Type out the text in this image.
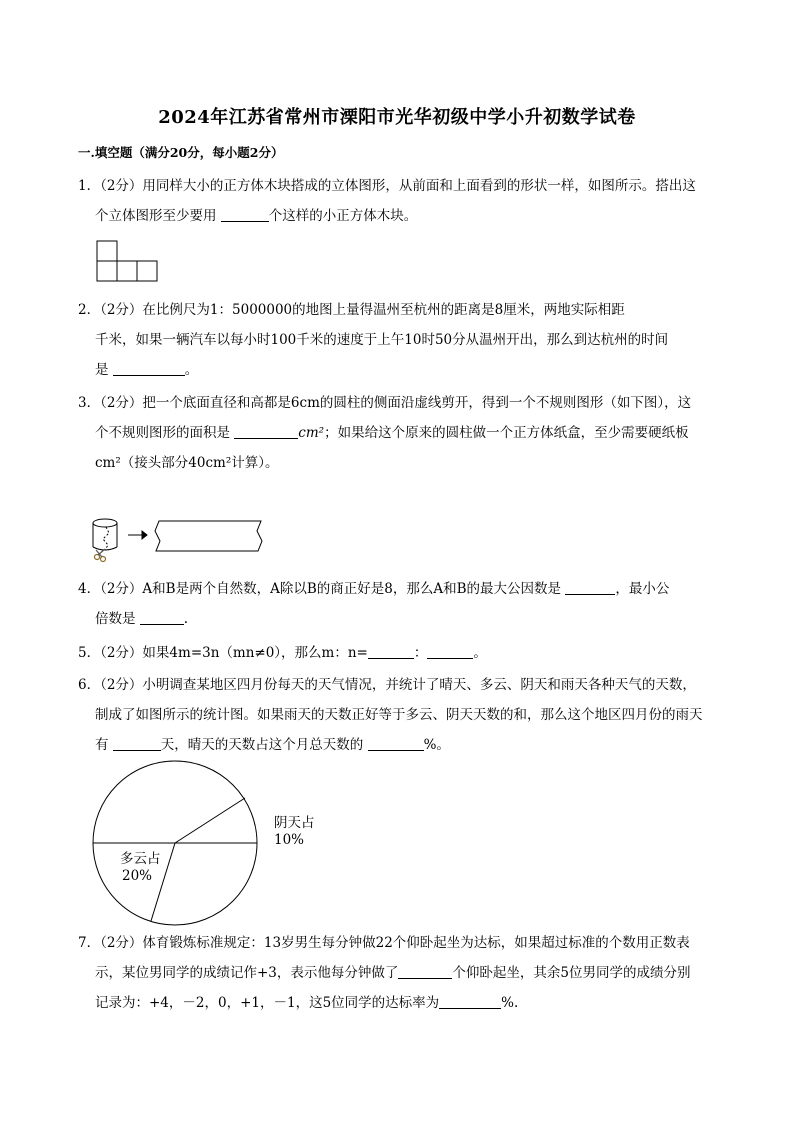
2024年江苏省常州市溧阳市光华初级中学小升初数学试卷
一.填空题（满分20分，每小题2分）
1．（2分）用同样大小的正方体木块搭成的立体图形，从前面和上面看到的形状一样，如图所示。搭出这
个立体图形至少要用	个这样的小正方体木块。
2．（2分）在比例尺为1：5000000的地图上量得温州至杭州的距离是8厘米，两地实际相距
千米，如果一辆汽车以每小时100千米的速度于上午10时50分从温州开出，那么到达杭州的时间
是	。
3．（2分）把一个底面直径和高都是6cm的圆柱的侧面沿虚线剪开，得到一个不规则图形（如下图），这
个不规则图形的面积是	cm²；如果给这个原来的圆柱做一个正方体纸盒，至少需要硬纸板
cm²（接头部分40cm²计算）。
4．（2分）A和B是两个自然数，A除以B的商正好是8，那么A和B的最大公因数是	，最小公
倍数是	.
5．（2分）如果4m=3n（mn≠0），那么m：n=	：	。
6．（2分）小明调查某地区四月份每天的天气情况，并统计了晴天、多云、阴天和雨天各种天气的天数，
制成了如图所示的统计图。如果雨天的天数正好等于多云、阴天天数的和，那么这个地区四月份的雨天
有	天，晴天的天数占这个月总天数的	%。
阴天占
10%
多云占
20%
7．（2分）体育锻炼标准规定：13岁男生每分钟做22个仰卧起坐为达标，如果超过标准的个数用正数表
示，某位男同学的成绩记作+3，表示他每分钟做了	个仰卧起坐，其余5位男同学的成绩分别
记录为：+4，－2，0，+1，－1，这5位同学的达标率为	%.
